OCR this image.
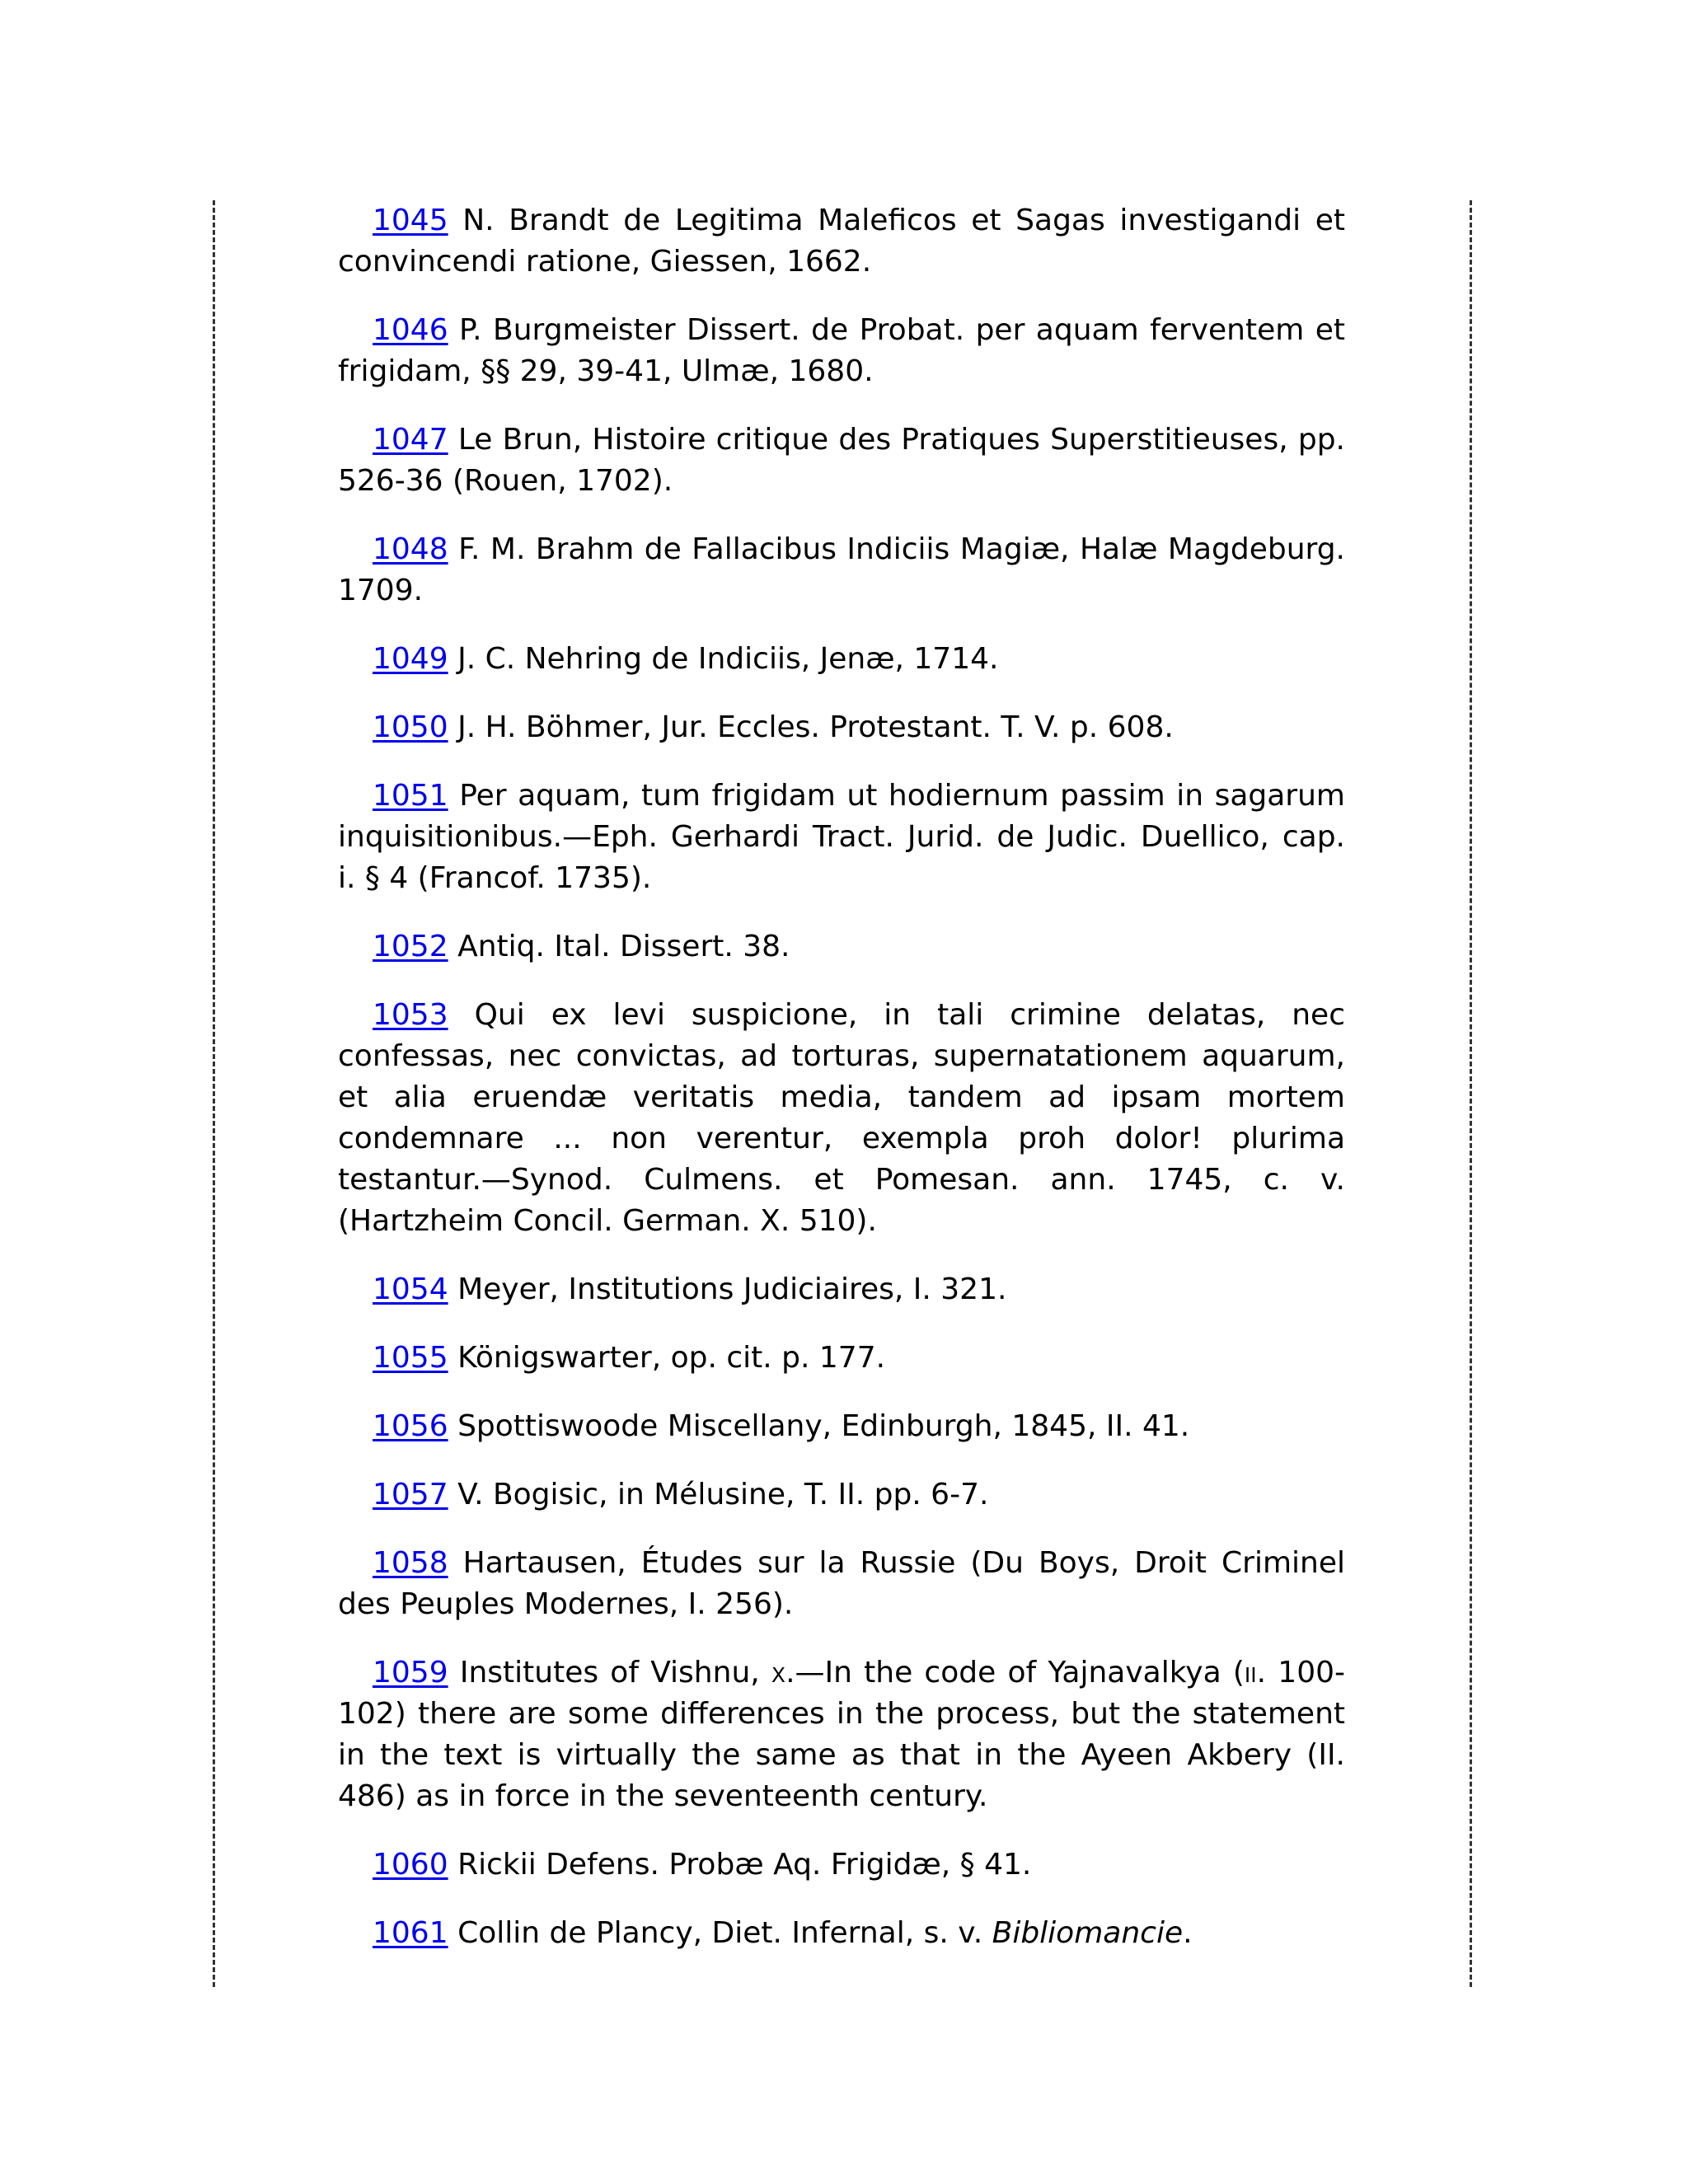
1045 N. Brandt de Legitima Maleficos et Sagas investigandi et convincendi ratione, Giessen, 1662.

1046 P. Burgmeister Dissert. de Probat. per aquam ferventem et frigidam, §§ 29, 39-41, Ulmæ, 1680.

1047 Le Brun, Histoire critique des Pratiques Superstitieuses, pp. 526-36 (Rouen, 1702).

1048 F. M. Brahm de Fallacibus Indiciis Magiæ, Halæ Magdeburg. 1709.

1049 J. C. Nehring de Indiciis, Jenæ, 1714.

1050 J. H. Böhmer, Jur. Eccles. Protestant. T. V. p. 608.

1051 Per aquam, tum frigidam ut hodiernum passim in sagarum inquisitionibus.—Eph. Gerhardi Tract. Jurid. de Judic. Duellico, cap. i. § 4 (Francof. 1735).

1052 Antiq. Ital. Dissert. 38.

1053 Qui ex levi suspicione, in tali crimine delatas, nec confessas, nec convictas, ad torturas, supernatationem aquarum, et alia eruendæ veritatis media, tandem ad ipsam mortem condemnare ... non verentur, exempla proh dolor! plurima testantur.—Synod. Culmens. et Pomesan. ann. 1745, c. v. (Hartzheim Concil. German. X. 510).

1054 Meyer, Institutions Judiciaires, I. 321.

1055 Königswarter, op. cit. p. 177.

1056 Spottiswoode Miscellany, Edinburgh, 1845, II. 41.

1057 V. Bogisic, in Mélusine, T. II. pp. 6-7.

1058 Hartausen, Études sur la Russie (Du Boys, Droit Criminel des Peuples Modernes, I. 256).

1059 Institutes of Vishnu, x.—In the code of Yajnavalkya (ii. 100-102) there are some differences in the process, but the statement in the text is virtually the same as that in the Ayeen Akbery (II. 486) as in force in the seventeenth century.

1060 Rickii Defens. Probæ Aq. Frigidæ, § 41.

1061 Collin de Plancy, Diet. Infernal, s. v. Bibliomancie.
